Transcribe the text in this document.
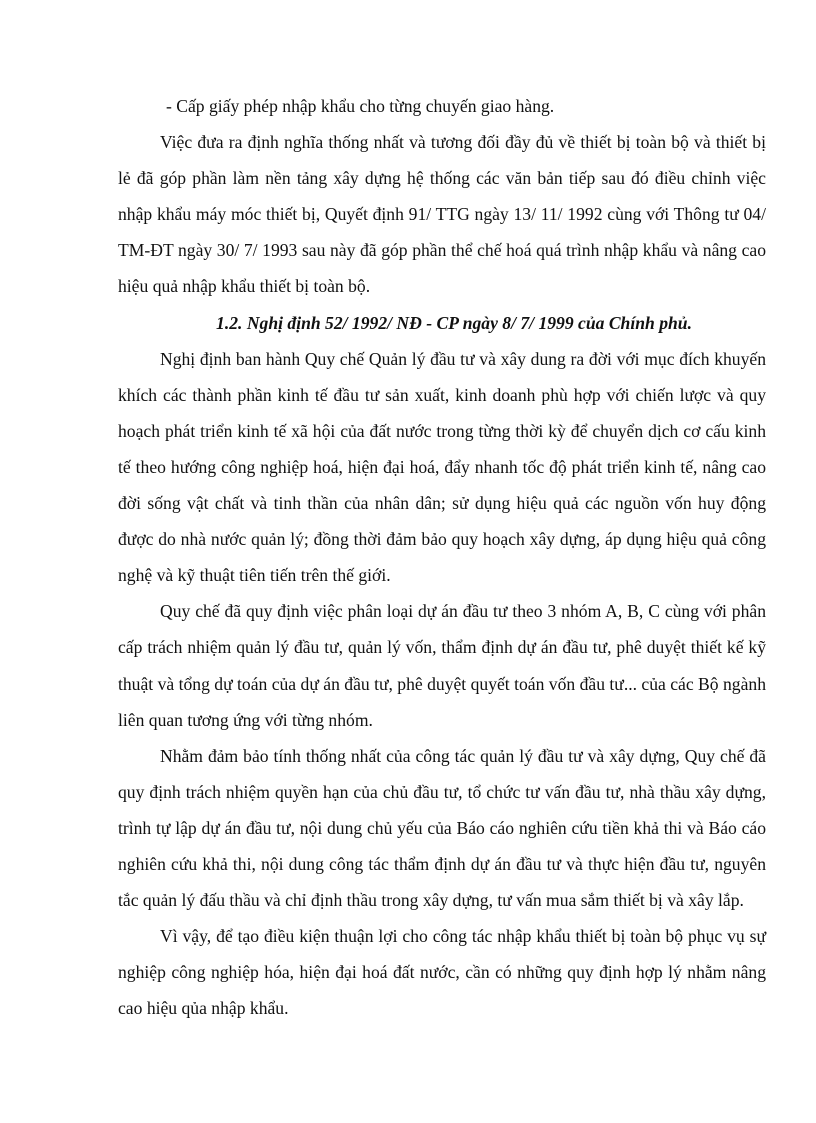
- Cấp giấy phép nhập khẩu cho từng chuyến giao hàng.

Việc đưa ra định nghĩa thống nhất và tương đối đầy đủ về thiết bị toàn bộ và thiết bị lẻ đã góp phần làm nền tảng xây dựng hệ thống các văn bản tiếp sau đó điều chỉnh việc nhập khẩu máy móc thiết bị, Quyết định 91/ TTG ngày 13/ 11/ 1992 cùng với Thông tư 04/ TM-ĐT ngày 30/ 7/ 1993 sau này đã góp phần thể chế hoá quá trình nhập khẩu và nâng cao hiệu quả nhập khẩu thiết bị toàn bộ.

1.2. Nghị định 52/ 1992/ NĐ - CP ngày 8/ 7/ 1999 của Chính phủ.

Nghị định ban hành Quy chế Quản lý đầu tư và xây dung ra đời với mục đích khuyến khích các thành phần kinh tế đầu tư sản xuất, kinh doanh phù hợp với chiến lược và quy hoạch phát triển kinh tế xã hội của đất nước trong từng thời kỳ để chuyển dịch cơ cấu kinh tế theo hướng công nghiệp hoá, hiện đại hoá, đẩy nhanh tốc độ phát triển kinh tế, nâng cao đời sống vật chất và tinh thần của nhân dân; sử dụng hiệu quả các nguồn vốn huy động được do nhà nước quản lý; đồng thời đảm bảo quy hoạch xây dựng, áp dụng hiệu quả công nghệ và kỹ thuật tiên tiến trên thế giới.

Quy chế đã quy định việc phân loại dự án đầu tư theo 3 nhóm A, B, C cùng với phân cấp trách nhiệm quản lý đầu tư, quản lý vốn, thẩm định dự án đầu tư, phê duyệt thiết kế kỹ thuật và tổng dự toán của dự án đầu tư, phê duyệt quyết toán vốn đầu tư... của các Bộ ngành liên quan tương ứng với từng nhóm.

Nhằm đảm bảo tính thống nhất của công tác quản lý đầu tư và xây dựng, Quy chế đã quy định trách nhiệm quyền hạn của chủ đầu tư, tổ chức tư vấn đầu tư, nhà thầu xây dựng, trình tự lập dự án đầu tư, nội dung chủ yếu của Báo cáo nghiên cứu tiền khả thi và Báo cáo nghiên cứu khả thi, nội dung công tác thẩm định dự án đầu tư và thực hiện đầu tư, nguyên tắc quản lý đấu thầu và chỉ định thầu trong xây dựng, tư vấn mua sắm thiết bị và xây lắp.

Vì vậy, để tạo điều kiện thuận lợi cho công tác nhập khẩu thiết bị toàn bộ phục vụ sự nghiệp công nghiệp hóa, hiện đại hoá đất nước, cần có những quy định hợp lý nhằm nâng cao hiệu qủa nhập khẩu.
